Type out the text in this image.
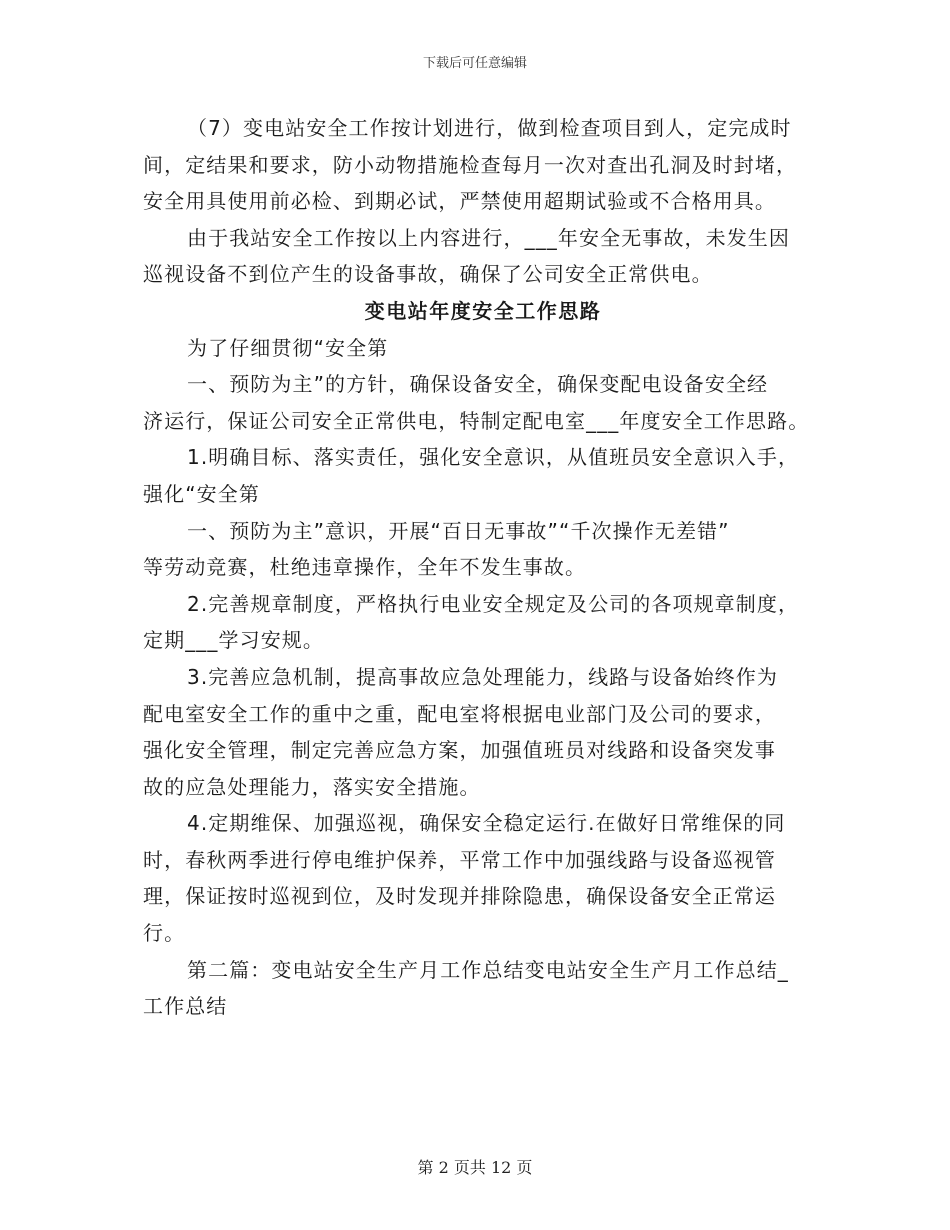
下载后可任意编辑
（7）变电站安全工作按计划进行，做到检查项目到人，定完成时
间，定结果和要求，防小动物措施检查每月一次对查出孔洞及时封堵，
安全用具使用前必检、到期必试，严禁使用超期试验或不合格用具。
由于我站安全工作按以上内容进行，___年安全无事故，未发生因
巡视设备不到位产生的设备事故，确保了公司安全正常供电。
变电站年度安全工作思路
为了仔细贯彻“安全第
一、预防为主”的方针，确保设备安全，确保变配电设备安全经
济运行，保证公司安全正常供电，特制定配电室___年度安全工作思路。
1.明确目标、落实责任，强化安全意识，从值班员安全意识入手，
强化“安全第
一、预防为主”意识，开展“百日无事故”“千次操作无差错”
等劳动竞赛，杜绝违章操作，全年不发生事故。
2.完善规章制度，严格执行电业安全规定及公司的各项规章制度，
定期___学习安规。
3.完善应急机制，提高事故应急处理能力，线路与设备始终作为
配电室安全工作的重中之重，配电室将根据电业部门及公司的要求，
强化安全管理，制定完善应急方案，加强值班员对线路和设备突发事
故的应急处理能力，落实安全措施。
4.定期维保、加强巡视，确保安全稳定运行.在做好日常维保的同
时，春秋两季进行停电维护保养，平常工作中加强线路与设备巡视管
理，保证按时巡视到位，及时发现并排除隐患，确保设备安全正常运
行。
第二篇：变电站安全生产月工作总结变电站安全生产月工作总结_
工作总结
第 2 页共 12 页
